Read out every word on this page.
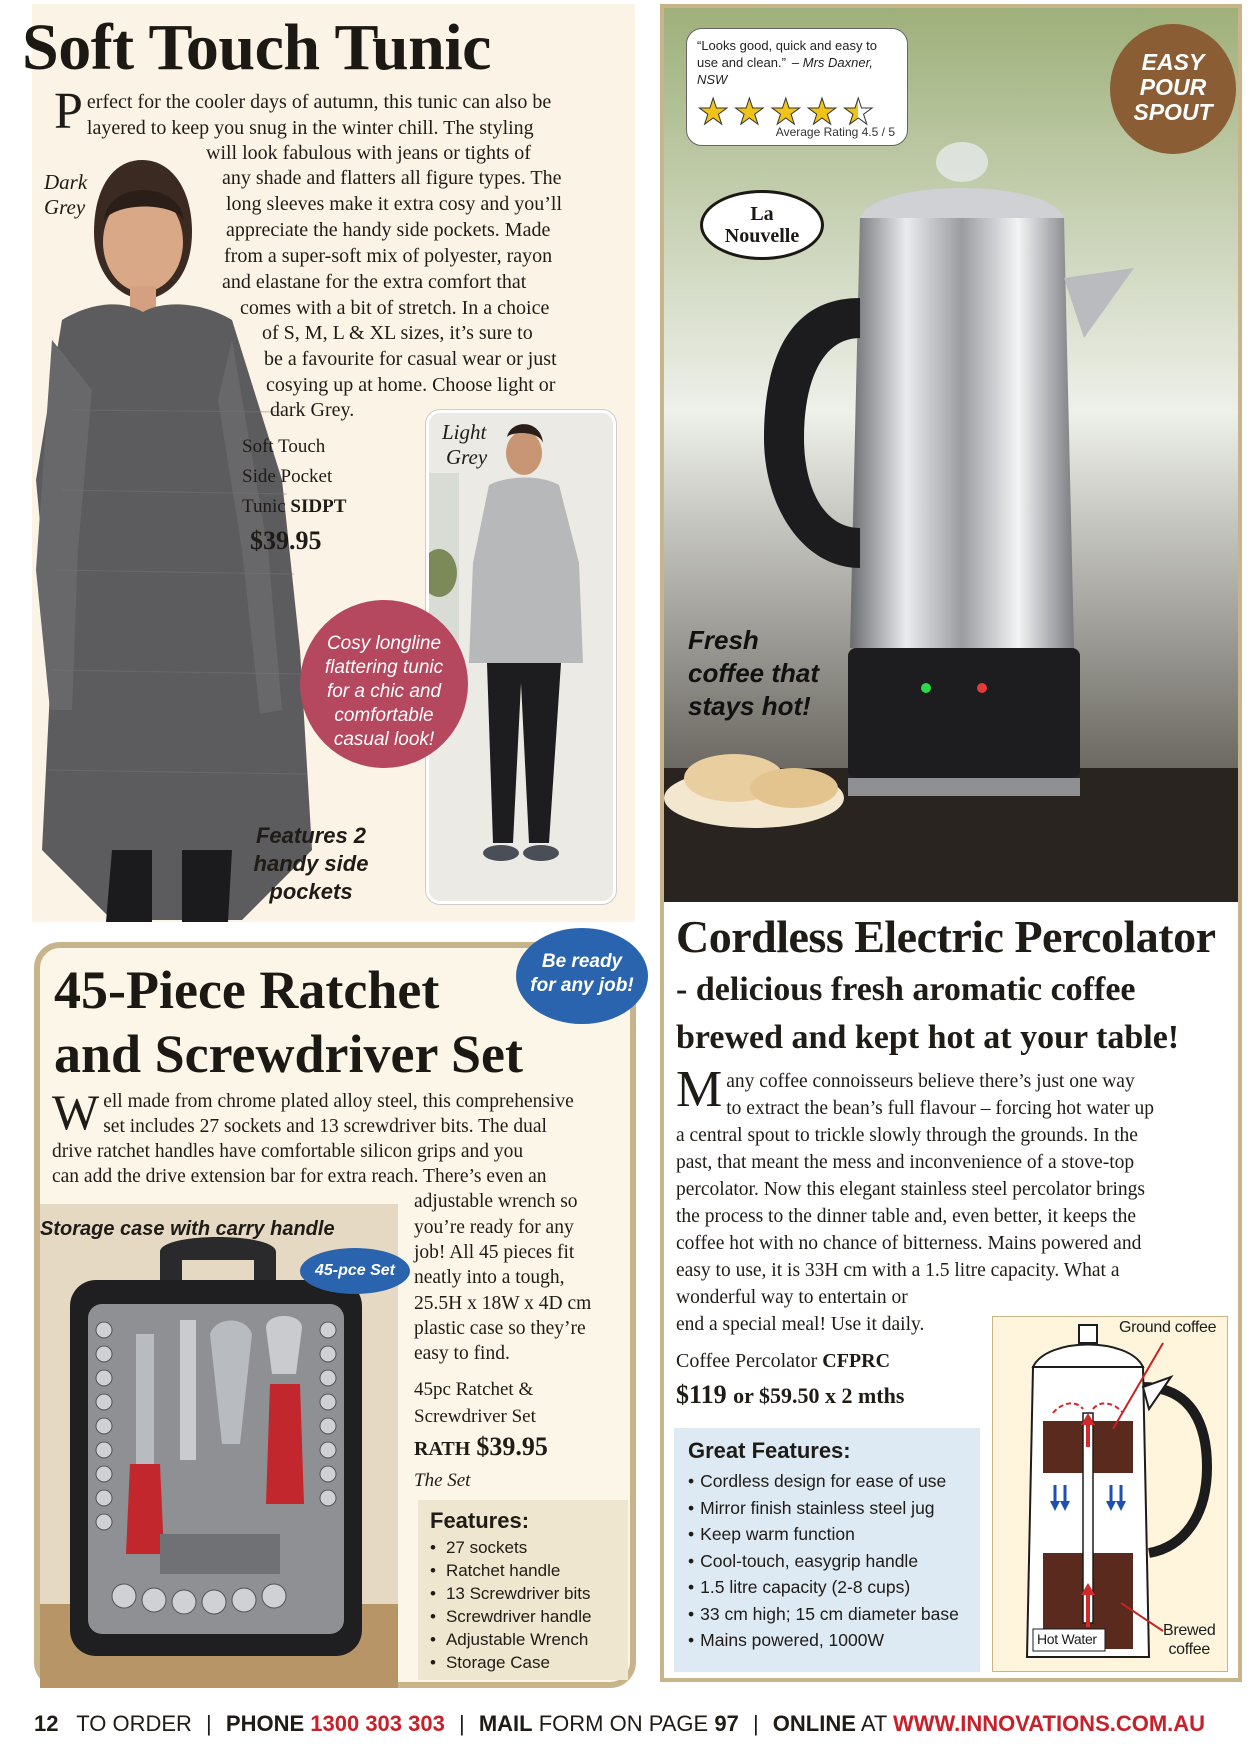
Soft Touch Tunic
P erfect for the cooler days of autumn, this tunic can also be
layered to keep you snug in the winter chill. The styling
will look fabulous with jeans or tights of
any shade and flatters all figure types. The
long sleeves make it extra cosy and you’ll
appreciate the handy side pockets. Made
from a super-soft mix of polyester, rayon
and elastane for the extra comfort that
comes with a bit of stretch. In a choice
of S, M, L & XL sizes, it’s sure to
be a favourite for casual wear or just
cosying up at home. Choose light or
dark Grey.
Dark
Grey
Soft Touch
Side Pocket
Tunic SIDPT
$39.95
Light
Grey
Cosy longline
flattering tunic
for a chic and
comfortable
casual look!
Features 2
handy side
pockets
45-Piece Ratchet
and Screwdriver Set
Be ready
for any job!
W ell made from chrome plated alloy steel, this comprehensive
set includes 27 sockets and 13 screwdriver bits. The dual
drive ratchet handles have comfortable silicon grips and you
can add the drive extension bar for extra reach. There’s even an
adjustable wrench so
you’re ready for any
job! All 45 pieces fit
neatly into a tough,
25.5H x 18W x 4D cm
plastic case so they’re
easy to find.
Storage case with carry handle
45-pce Set
45pc Ratchet &
Screwdriver Set
RATH $39.95
The Set
Features:
• 27 sockets
• Ratchet handle
• 13 Screwdriver bits
• Screwdriver handle
• Adjustable Wrench
• Storage Case
“Looks good, quick and easy to
use and clean.” – Mrs Daxner, NSW
★ ★ ★ ★ ★
Average Rating 4.5 / 5
La
Nouvelle
EASY
POUR
SPOUT
Fresh
coffee that
stays hot!
Cordless Electric Percolator
- delicious fresh aromatic coffee
brewed and kept hot at your table!
M any coffee connoisseurs believe there’s just one way
to extract the bean’s full flavour – forcing hot water up
a central spout to trickle slowly through the grounds. In the
past, that meant the mess and inconvenience of a stove-top
percolator. Now this elegant stainless steel percolator brings
the process to the dinner table and, even better, it keeps the
coffee hot with no chance of bitterness. Mains powered and
easy to use, it is 33H cm with a 1.5 litre capacity. What a
wonderful way to entertain or
end a special meal! Use it daily.
Coffee Percolator CFPRC
$119 or $59.50 x 2 mths
Great Features:
• Cordless design for ease of use
• Mirror finish stainless steel jug
• Keep warm function
• Cool-touch, easygrip handle
• 1.5 litre capacity (2-8 cups)
• 33 cm high; 15 cm diameter base
• Mains powered, 1000W
Ground coffee
Hot Water	Brewed
coffee
12 TO ORDER | PHONE 1300 303 303 | MAIL FORM ON PAGE 97 | ONLINE AT WWW.INNOVATIONS.COM.AU
